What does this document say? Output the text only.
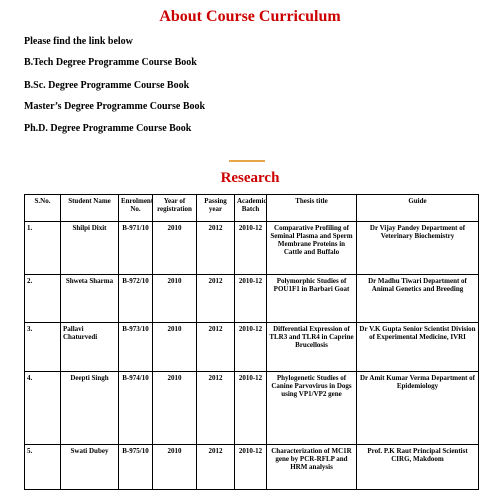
About Course Curriculum
Please find the link below
B.Tech Degree Programme Course Book
B.Sc. Degree Programme Course Book
Master’s Degree Programme Course Book
Ph.D. Degree Programme Course Book
Research
S.No.	Student Name	Enrolment No.	Year of registration	Passing year	Academic Batch	Thesis title	Guide
1.	Shilpi Dixit	B-971/10	2010	2012	2010-12	Comparative Profiling of Seminal Plasma and Sperm Membrane Proteins in Cattle and Buffalo	Dr Vijay Pandey Department of Veterinary Biochemistry
2.	Shweta Sharma	B-972/10	2010	2012	2010-12	Polymorphic Studies of POU1F1 in Barbari Goat	Dr Madhu Tiwari Department of Animal Genetics and Breeding
3.	Pallavi Chaturvedi	B-973/10	2010	2012	2010-12	Differential Expression of TLR3 and TLR4 in Caprine Brucellosis	Dr V.K Gupta Senior Scientist Division of Experimental Medicine, IVRI
4.	Deepti Singh	B-974/10	2010	2012	2010-12	Phylogenetic Studies of Canine Parvovirus in Dogs using VP1/VP2 gene	Dr Amit Kumar Verma Department of Epidemiology
5.	Swati Dubey	B-975/10	2010	2012	2010-12	Characterization of MC1R gene by PCR-RFLP and HRM analysis	Prof. P.K Raut Principal Scientist CIRG, Makdoom
